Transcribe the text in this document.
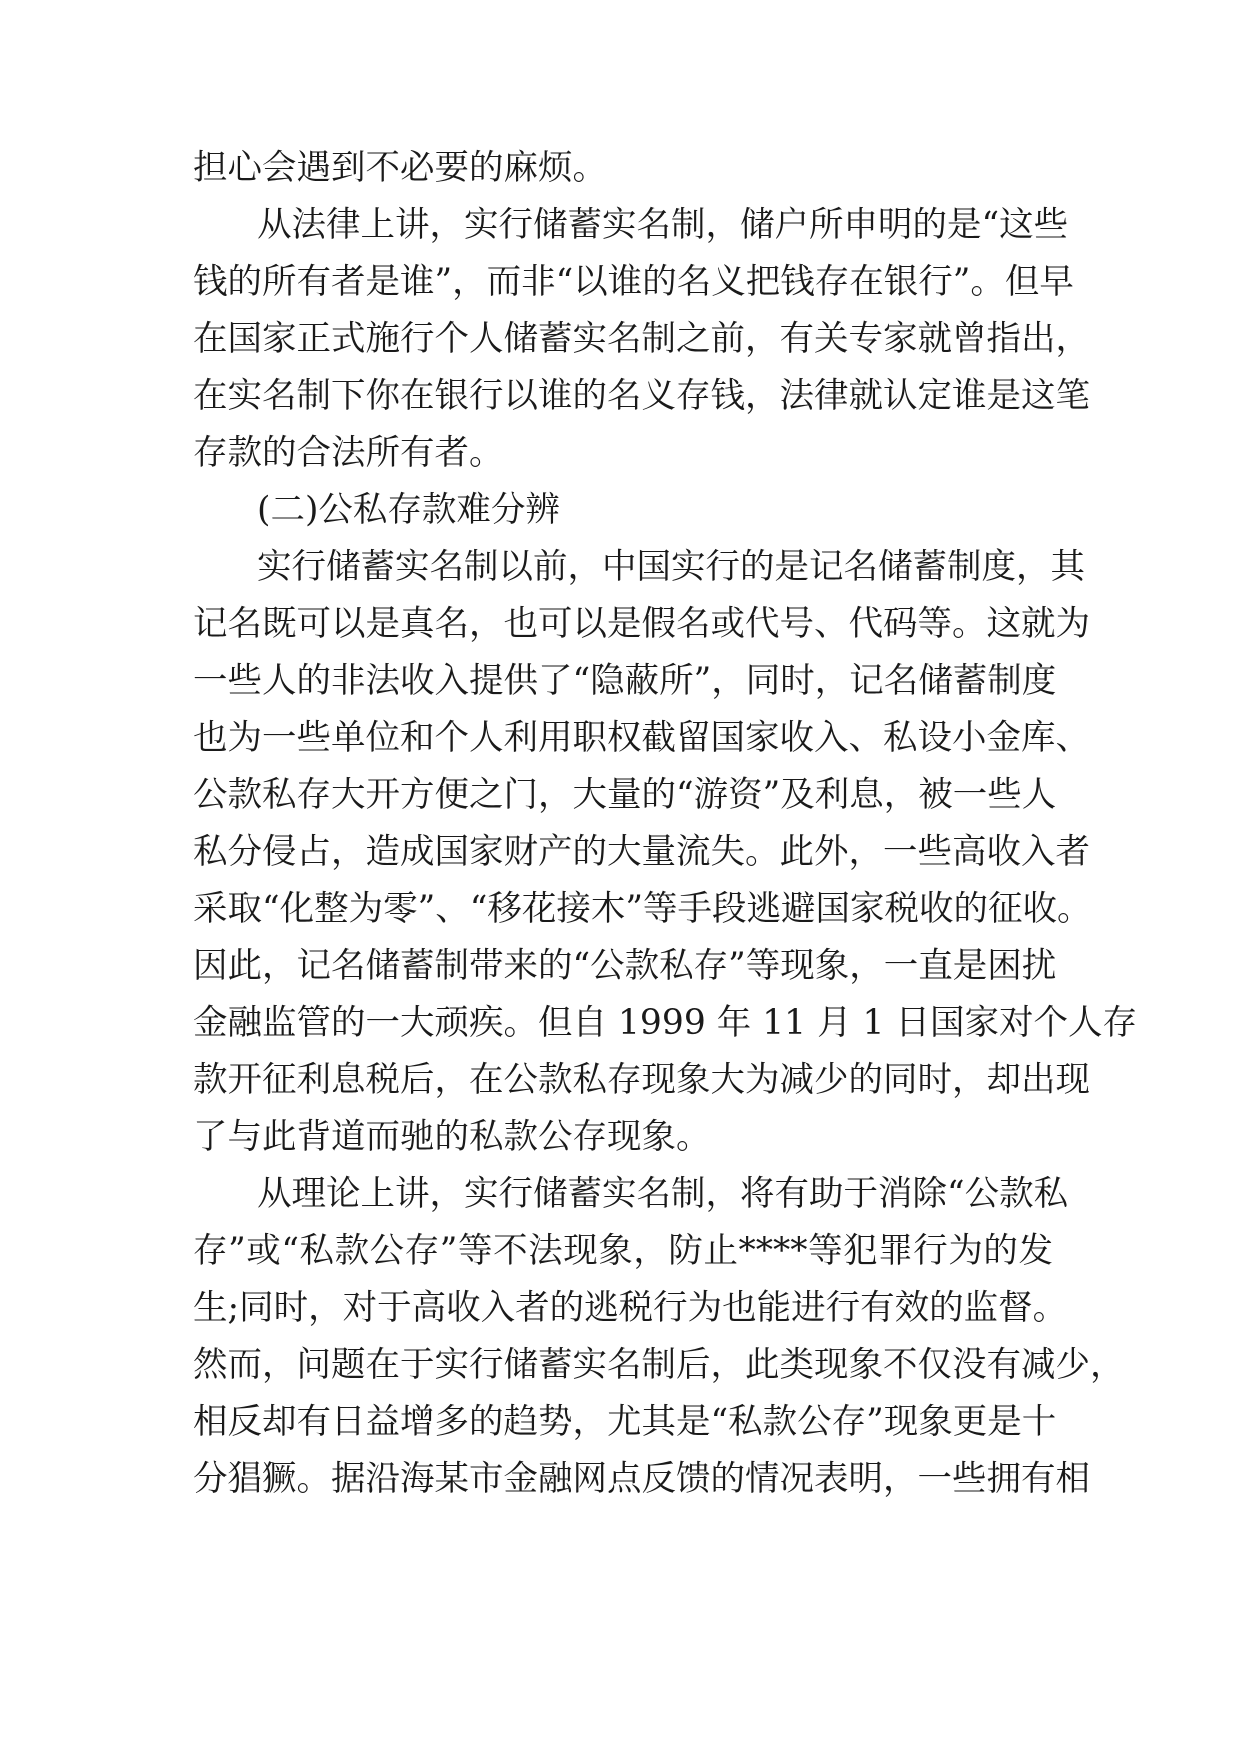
担心会遇到不必要的麻烦。
从法律上讲，实行储蓄实名制，储户所申明的是“这些
钱的所有者是谁”，而非“以谁的名义把钱存在银行”。但早
在国家正式施行个人储蓄实名制之前，有关专家就曾指出，
在实名制下你在银行以谁的名义存钱，法律就认定谁是这笔
存款的合法所有者。
(二)公私存款难分辨
实行储蓄实名制以前，中国实行的是记名储蓄制度，其
记名既可以是真名，也可以是假名或代号、代码等。这就为
一些人的非法收入提供了“隐蔽所”，同时，记名储蓄制度
也为一些单位和个人利用职权截留国家收入、私设小金库、
公款私存大开方便之门，大量的“游资”及利息，被一些人
私分侵占，造成国家财产的大量流失。此外，一些高收入者
采取“化整为零”、“移花接木”等手段逃避国家税收的征收。
因此，记名储蓄制带来的“公款私存”等现象，一直是困扰
金融监管的一大顽疾。但自 1999 年 11 月 1 日国家对个人存
款开征利息税后，在公款私存现象大为减少的同时，却出现
了与此背道而驰的私款公存现象。
从理论上讲，实行储蓄实名制，将有助于消除“公款私
存”或“私款公存”等不法现象，防止****等犯罪行为的发
生;同时，对于高收入者的逃税行为也能进行有效的监督。
然而，问题在于实行储蓄实名制后，此类现象不仅没有减少，
相反却有日益增多的趋势，尤其是“私款公存”现象更是十
分猖獗。据沿海某市金融网点反馈的情况表明，一些拥有相
